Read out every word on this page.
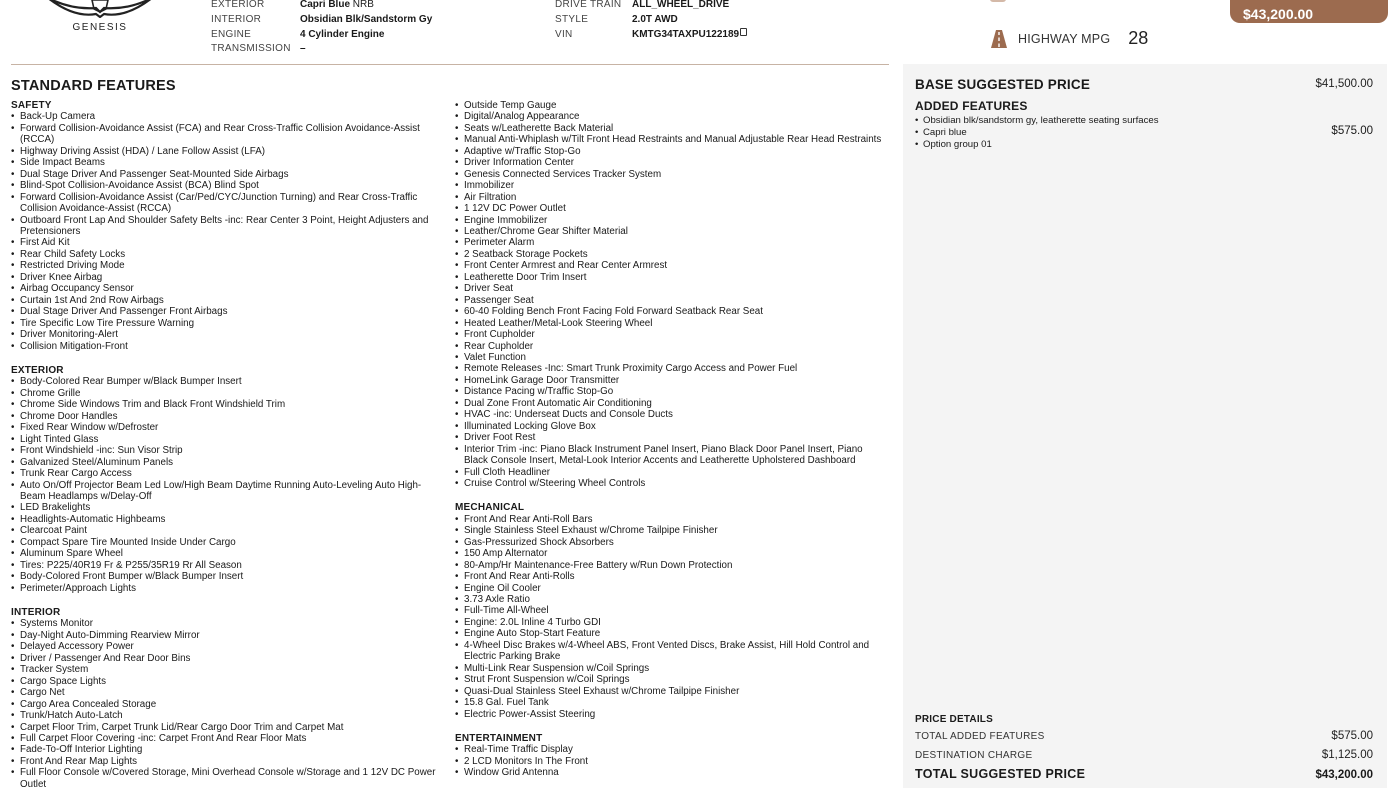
GENESIS
EXTERIOR	Capri Blue NRB
INTERIOR	Obsidian Blk/Sandstorm Gy
ENGINE	4 Cylinder Engine
TRANSMISSION –
DRIVE TRAIN	ALL_WHEEL_DRIVE
STYLE	2.0T AWD
VIN	KMTG34TAXPU122189	HIGHWAY MPG 28
$43,200.00
STANDARD FEATURES
SAFETY
• Back-Up Camera
• Forward Collision-Avoidance Assist (FCA) and Rear Cross-Traffic Collision Avoidance-Assist (RCCA)
• Highway Driving Assist (HDA) / Lane Follow Assist (LFA)
• Side Impact Beams
• Dual Stage Driver And Passenger Seat-Mounted Side Airbags
• Blind-Spot Collision-Avoidance Assist (BCA) Blind Spot
• Forward Collision-Avoidance Assist (Car/Ped/CYC/Junction Turning) and Rear Cross-Traffic Collision Avoidance-Assist (RCCA)
• Outboard Front Lap And Shoulder Safety Belts -inc: Rear Center 3 Point, Height Adjusters and Pretensioners
• First Aid Kit
• Rear Child Safety Locks
• Restricted Driving Mode
• Driver Knee Airbag
• Airbag Occupancy Sensor
• Curtain 1st And 2nd Row Airbags
• Dual Stage Driver And Passenger Front Airbags
• Tire Specific Low Tire Pressure Warning
• Driver Monitoring-Alert
• Collision Mitigation-Front
EXTERIOR
• Body-Colored Rear Bumper w/Black Bumper Insert
• Chrome Grille
• Chrome Side Windows Trim and Black Front Windshield Trim
• Chrome Door Handles
• Fixed Rear Window w/Defroster
• Light Tinted Glass
• Front Windshield -inc: Sun Visor Strip
• Galvanized Steel/Aluminum Panels
• Trunk Rear Cargo Access
• Auto On/Off Projector Beam Led Low/High Beam Daytime Running Auto-Leveling Auto High-Beam Headlamps w/Delay-Off
• LED Brakelights
• Headlights-Automatic Highbeams
• Clearcoat Paint
• Compact Spare Tire Mounted Inside Under Cargo
• Aluminum Spare Wheel
• Tires: P225/40R19 Fr & P255/35R19 Rr All Season
• Body-Colored Front Bumper w/Black Bumper Insert
• Perimeter/Approach Lights
INTERIOR
• Systems Monitor
• Day-Night Auto-Dimming Rearview Mirror
• Delayed Accessory Power
• Driver / Passenger And Rear Door Bins
• Tracker System
• Cargo Space Lights
• Cargo Net
• Cargo Area Concealed Storage
• Trunk/Hatch Auto-Latch
• Carpet Floor Trim, Carpet Trunk Lid/Rear Cargo Door Trim and Carpet Mat
• Full Carpet Floor Covering -inc: Carpet Front And Rear Floor Mats
• Fade-To-Off Interior Lighting
• Front And Rear Map Lights
• Full Floor Console w/Covered Storage, Mini Overhead Console w/Storage and 1 12V DC Power Outlet
• Outside Temp Gauge
• Digital/Analog Appearance
• Seats w/Leatherette Back Material
• Manual Anti-Whiplash w/Tilt Front Head Restraints and Manual Adjustable Rear Head Restraints
• Adaptive w/Traffic Stop-Go
• Driver Information Center
• Genesis Connected Services Tracker System
• Immobilizer
• Air Filtration
• 1 12V DC Power Outlet
• Engine Immobilizer
• Leather/Chrome Gear Shifter Material
• Perimeter Alarm
• 2 Seatback Storage Pockets
• Front Center Armrest and Rear Center Armrest
• Leatherette Door Trim Insert
• Driver Seat
• Passenger Seat
• 60-40 Folding Bench Front Facing Fold Forward Seatback Rear Seat
• Heated Leather/Metal-Look Steering Wheel
• Front Cupholder
• Rear Cupholder
• Valet Function
• Remote Releases -Inc: Smart Trunk Proximity Cargo Access and Power Fuel
• HomeLink Garage Door Transmitter
• Distance Pacing w/Traffic Stop-Go
• Dual Zone Front Automatic Air Conditioning
• HVAC -inc: Underseat Ducts and Console Ducts
• Illuminated Locking Glove Box
• Driver Foot Rest
• Interior Trim -inc: Piano Black Instrument Panel Insert, Piano Black Door Panel Insert, Piano Black Console Insert, Metal-Look Interior Accents and Leatherette Upholstered Dashboard
• Full Cloth Headliner
• Cruise Control w/Steering Wheel Controls
MECHANICAL
• Front And Rear Anti-Roll Bars
• Single Stainless Steel Exhaust w/Chrome Tailpipe Finisher
• Gas-Pressurized Shock Absorbers
• 150 Amp Alternator
• 80-Amp/Hr Maintenance-Free Battery w/Run Down Protection
• Front And Rear Anti-Rolls
• Engine Oil Cooler
• 3.73 Axle Ratio
• Full-Time All-Wheel
• Engine: 2.0L Inline 4 Turbo GDI
• Engine Auto Stop-Start Feature
• 4-Wheel Disc Brakes w/4-Wheel ABS, Front Vented Discs, Brake Assist, Hill Hold Control and Electric Parking Brake
• Multi-Link Rear Suspension w/Coil Springs
• Strut Front Suspension w/Coil Springs
• Quasi-Dual Stainless Steel Exhaust w/Chrome Tailpipe Finisher
• 15.8 Gal. Fuel Tank
• Electric Power-Assist Steering
ENTERTAINMENT
• Real-Time Traffic Display
• 2 LCD Monitors In The Front
• Window Grid Antenna
BASE SUGGESTED PRICE	$41,500.00
ADDED FEATURES
• Obsidian blk/sandstorm gy, leatherette seating surfaces
• Capri blue	$575.00
• Option group 01
PRICE DETAILS
TOTAL ADDED FEATURES	$575.00
DESTINATION CHARGE	$1,125.00
TOTAL SUGGESTED PRICE	$43,200.00
